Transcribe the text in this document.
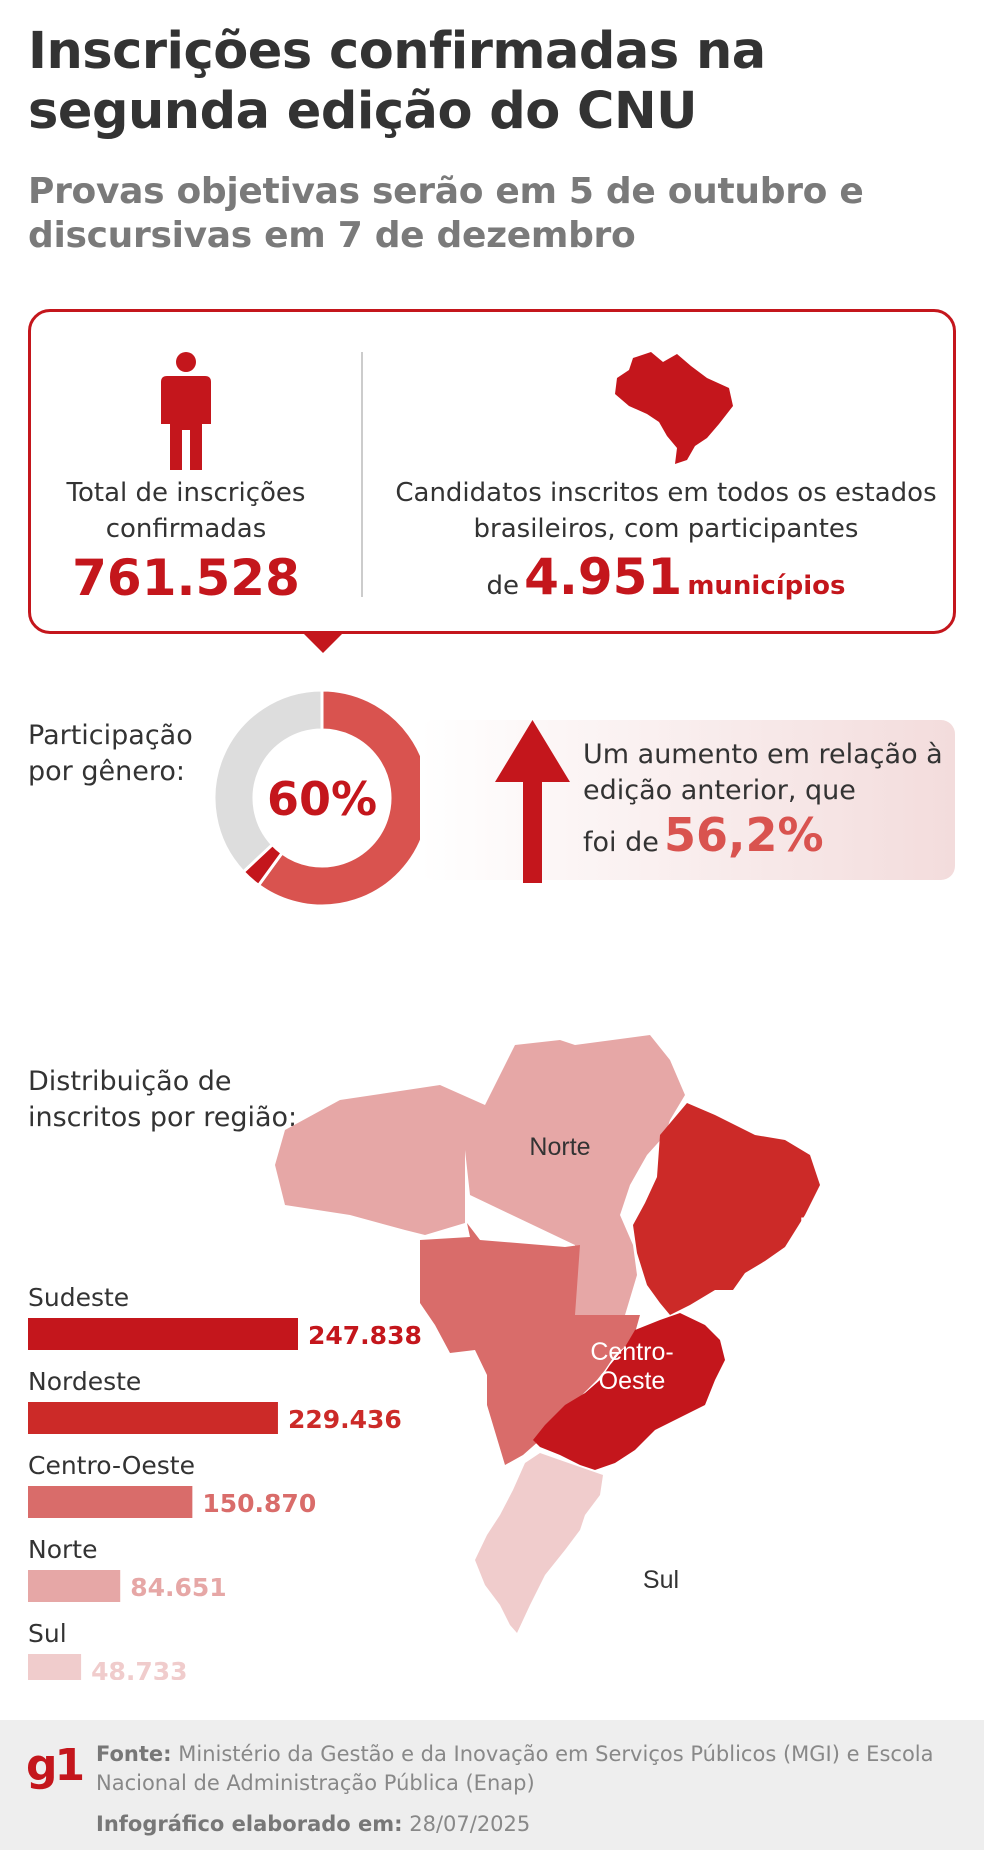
Inscrições confirmadas na segunda edição do CNU
Provas objetivas serão em 5 de outubro e discursivas em 7 de dezembro
Total de inscrições confirmadas
761.528
Candidatos inscritos em todos os estados brasileiros, com participantes
de 4.951 municípios
Participação por gênero:
60%
Um aumento em relação à edição anterior, que
foi de 56,2%
Distribuição de inscritos por região:
Norte
Nordeste
Centro-
Oeste
Sudeste
Sul
Sudeste
247.838
Nordeste
229.436
Centro-Oeste
150.870
Norte
84.651
Sul
48.733
g1 Fonte: Ministério da Gestão e da Inovação em Serviços Públicos (MGI) e Escola Nacional de Administração Pública (Enap)
Infográfico elaborado em: 28/07/2025
